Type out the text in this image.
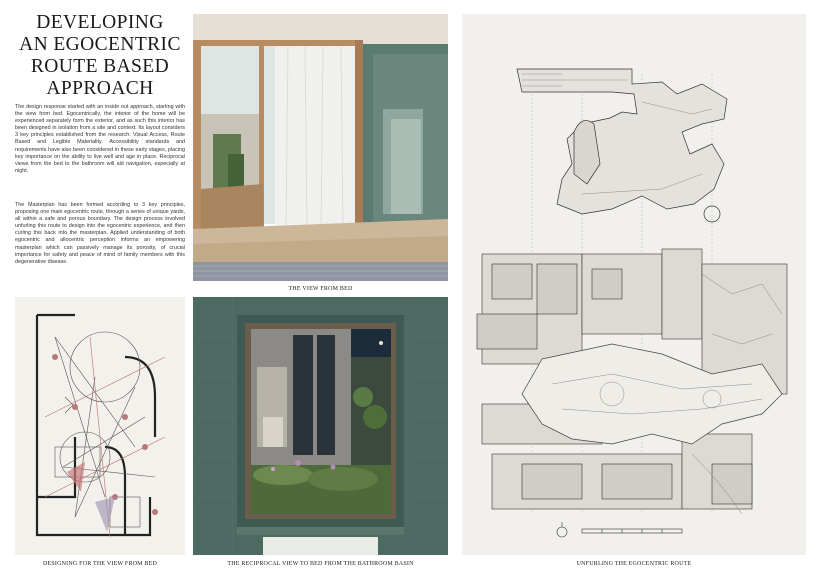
DEVELOPING
AN EGOCENTRIC
ROUTE BASED
APPROACH
The design response started with an inside out approach, starting with the view from bed. Egocentrically, the interior of the home will be experienced separately form the exterior, and as such this interior has been designed in isolation from a site and context. Its layout considers 3 key principles established from the research: Visual Access, Route Based and Legible Materiality. Accessibility standards and requirements have also been considered in these early stages, placing key importance on the ability to live well and age in place. Reciprocal views from the bed to the bathroom will aid navigation, especially at night.
The Masterplan has been formed according to 3 key principles, proposing one main egocentric route, through a series of unique yards, all within a safe and porous boundary. The design process involved unfurling this route to design into the egocentric experience, and then curling this back into the masterplan. Applied understanding of both egocentric and allocentric perception informs an empowering masterplan which can passively manage its porosity, of crucial importance for safety and peace of mind of family members with this degenerative disease.
THE VIEW FROM BED
THE RECIPROCAL VIEW TO BED FROM THE BATHROOM BASIN
DESIGNING FOR THE VIEW FROM BED	UNFURLING THE EGOCENTRIC ROUTE
